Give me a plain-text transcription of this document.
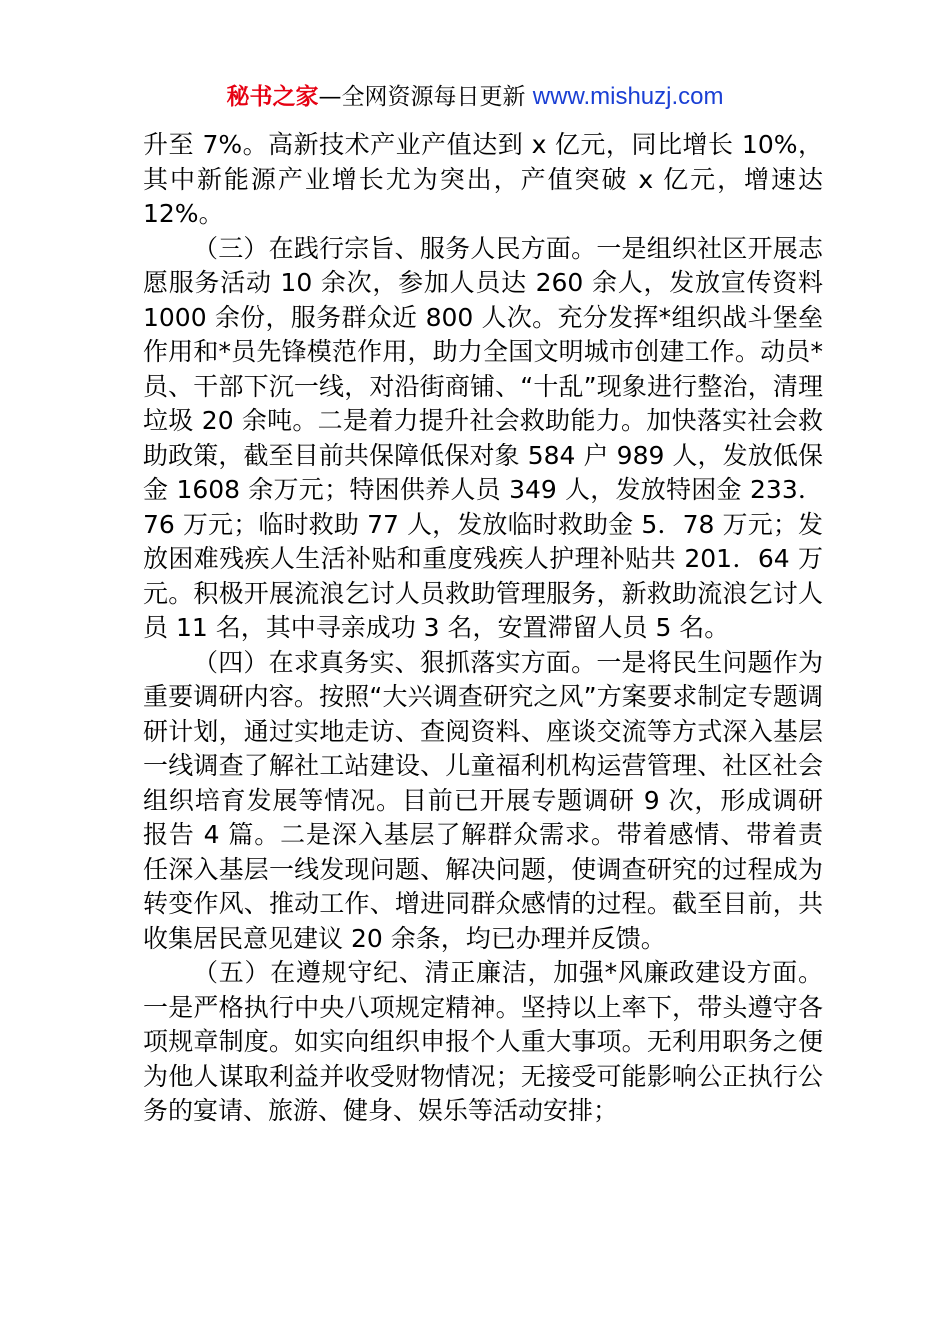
秘书之家—全网资源每日更新 www.mishuzj.com

升至 7%。高新技术产业产值达到 x 亿元，同比增长 10%，其中新能源产业增长尤为突出，产值突破 x 亿元，增速达 12%。

（三）在践行宗旨、服务人民方面。一是组织社区开展志愿服务活动 10 余次，参加人员达 260 余人，发放宣传资料 1000 余份，服务群众近 800 人次。充分发挥*组织战斗堡垒作用和*员先锋模范作用，助力全国文明城市创建工作。动员*员、干部下沉一线，对沿街商铺、“十乱”现象进行整治，清理垃圾 20 余吨。二是着力提升社会救助能力。加快落实社会救助政策，截至目前共保障低保对象 584 户 989 人，发放低保金 1608 余万元；特困供养人员 349 人，发放特困金 233．76 万元；临时救助 77 人，发放临时救助金 5．78 万元；发放困难残疾人生活补贴和重度残疾人护理补贴共 201．64 万元。积极开展流浪乞讨人员救助管理服务，新救助流浪乞讨人员 11 名，其中寻亲成功 3 名，安置滞留人员 5 名。

（四）在求真务实、狠抓落实方面。一是将民生问题作为重要调研内容。按照“大兴调查研究之风”方案要求制定专题调研计划，通过实地走访、查阅资料、座谈交流等方式深入基层一线调查了解社工站建设、儿童福利机构运营管理、社区社会组织培育发展等情况。目前已开展专题调研 9 次，形成调研报告 4 篇。二是深入基层了解群众需求。带着感情、带着责任深入基层一线发现问题、解决问题，使调查研究的过程成为转变作风、推动工作、增进同群众感情的过程。截至目前，共收集居民意见建议 20 余条，均已办理并反馈。

（五）在遵规守纪、清正廉洁，加强*风廉政建设方面。一是严格执行中央八项规定精神。坚持以上率下，带头遵守各项规章制度。如实向组织申报个人重大事项。无利用职务之便为他人谋取利益并收受财物情况；无接受可能影响公正执行公务的宴请、旅游、健身、娱乐等活动安排；
